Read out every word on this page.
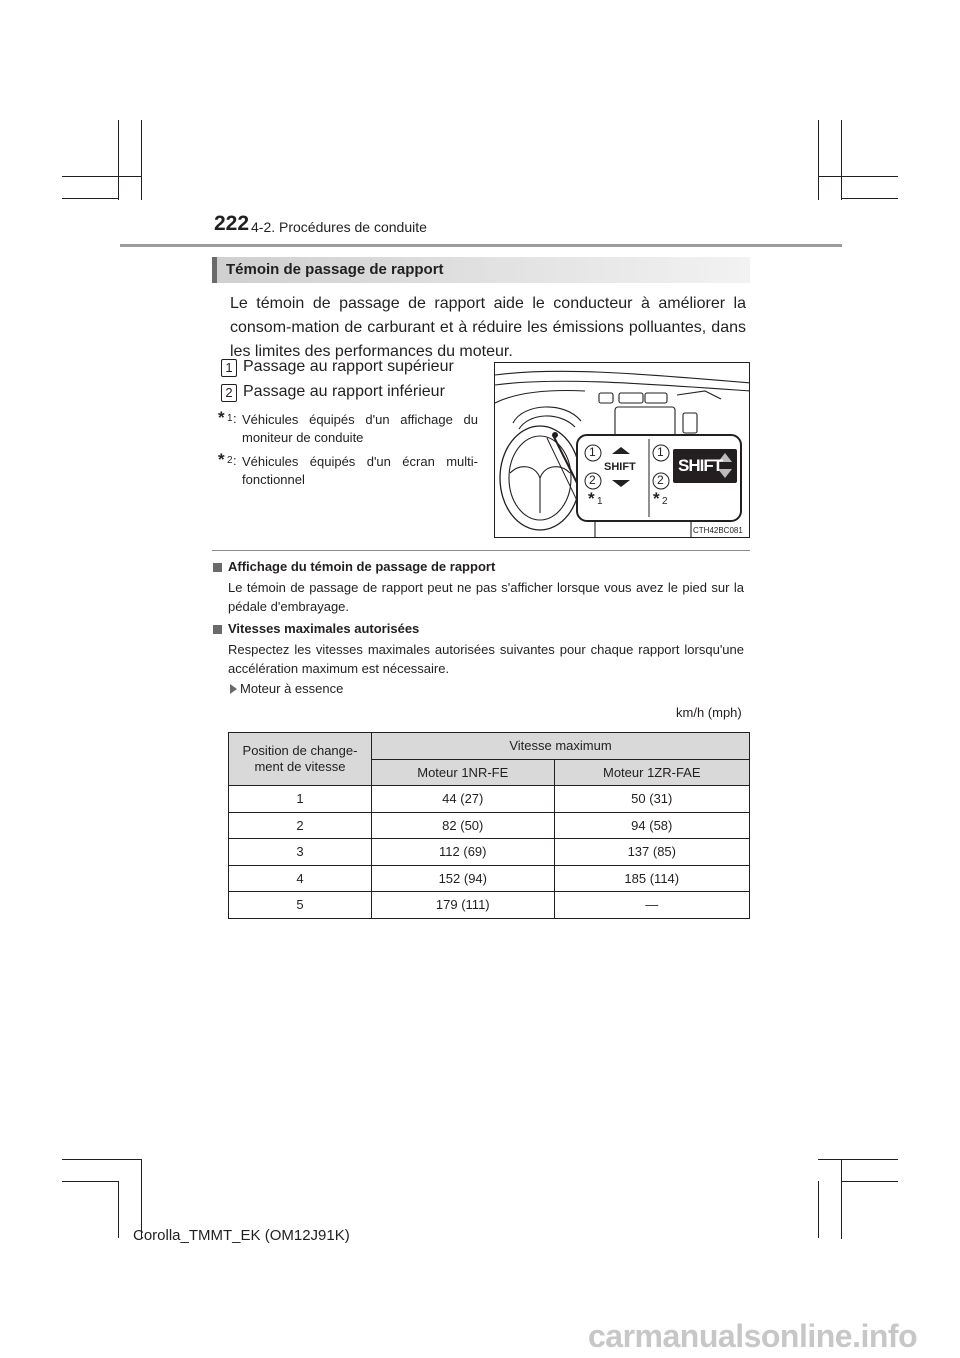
222 4-2. Procédures de conduite
Témoin de passage de rapport
Le témoin de passage de rapport aide le conducteur à améliorer la consom-mation de carburant et à réduire les émissions polluantes, dans les limites des performances du moteur.
1 Passage au rapport supérieur
2 Passage au rapport inférieur
* 1 : Véhicules équipés d'un affichage du moniteur de conduite
* 2 : Véhicules équipés d'un écran multi-fonctionnel
SHIFT SHIFT
1
2
1
2
* 1	* 2
CTH42BC081
Affichage du témoin de passage de rapport
Le témoin de passage de rapport peut ne pas s'afficher lorsque vous avez le pied sur la pédale d'embrayage.
Vitesses maximales autorisées
Respectez les vitesses maximales autorisées suivantes pour chaque rapport lorsqu'une accélération maximum est nécessaire.
Moteur à essence
km/h (mph)
Position de change-ment de vitesse	Vitesse maximum	
	Moteur 1NR-FE	Moteur 1ZR-FAE
1	44 (27)	50 (31)
2	82 (50)	94 (58)
3	112 (69)	137 (85)
4	152 (94)	185 (114)
5	179 (111)	—
Corolla_TMMT_EK (OM12J91K)
carmanualsonline.info
